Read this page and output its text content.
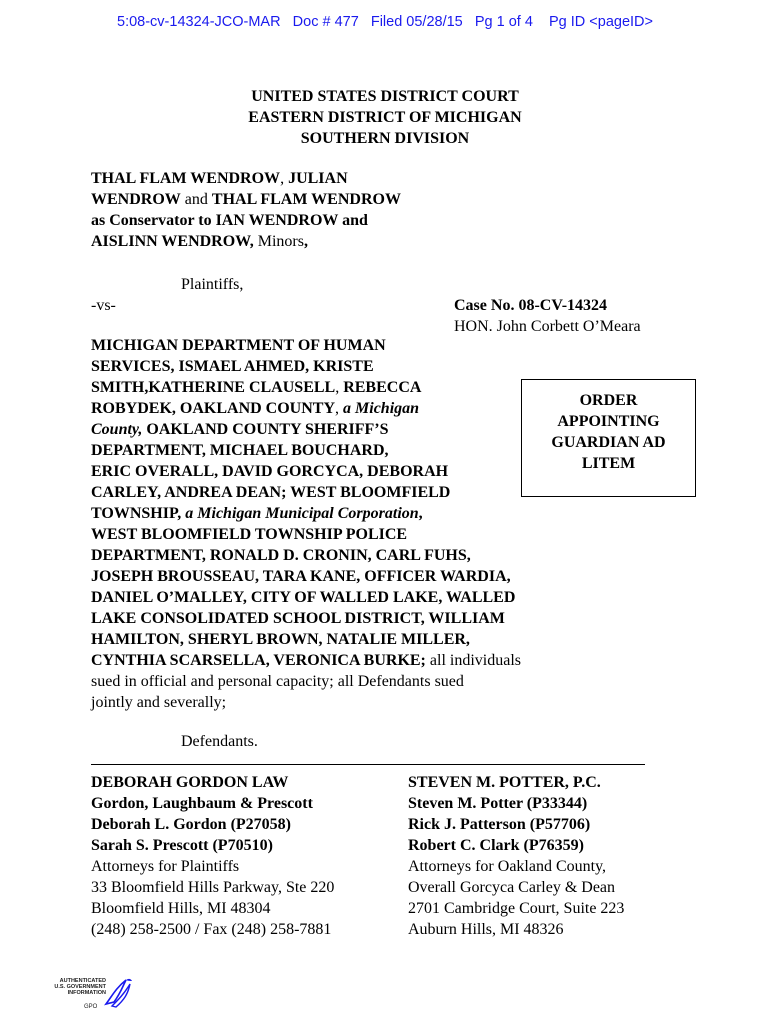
5:08-cv-14324-JCO-MAR   Doc # 477   Filed 05/28/15   Pg 1 of 4    Pg ID <pageID>
UNITED STATES DISTRICT COURT
EASTERN DISTRICT OF MICHIGAN
SOUTHERN DIVISION
THAL FLAM WENDROW, JULIAN
WENDROW and THAL FLAM WENDROW
as Conservator to IAN WENDROW and
AISLINN WENDROW, Minors,
Plaintiffs,
-vs-	Case No. 08-CV-14324
HON. John Corbett O’Meara
MICHIGAN DEPARTMENT OF HUMAN
SERVICES, ISMAEL AHMED, KRISTE
SMITH,KATHERINE CLAUSELL, REBECCA
ROBYDEK, OAKLAND COUNTY, a Michigan
County, OAKLAND COUNTY SHERIFF’S
DEPARTMENT, MICHAEL BOUCHARD,
ERIC OVERALL, DAVID GORCYCA, DEBORAH
CARLEY, ANDREA DEAN; WEST BLOOMFIELD
TOWNSHIP, a Michigan Municipal Corporation,
WEST BLOOMFIELD TOWNSHIP POLICE
DEPARTMENT, RONALD D. CRONIN, CARL FUHS,
JOSEPH BROUSSEAU, TARA KANE, OFFICER WARDIA,
DANIEL O’MALLEY, CITY OF WALLED LAKE, WALLED
LAKE CONSOLIDATED SCHOOL DISTRICT, WILLIAM
HAMILTON, SHERYL BROWN, NATALIE MILLER,
CYNTHIA SCARSELLA, VERONICA BURKE; all individuals
sued in official and personal capacity; all Defendants sued
jointly and severally;
ORDER
APPOINTING
GUARDIAN AD
LITEM
Defendants.
DEBORAH GORDON LAW
Gordon, Laughbaum & Prescott
Deborah L. Gordon (P27058)
Sarah S. Prescott (P70510)
Attorneys for Plaintiffs
33 Bloomfield Hills Parkway, Ste 220
Bloomfield Hills, MI 48304
(248) 258-2500 / Fax (248) 258-7881
STEVEN M. POTTER, P.C.
Steven M. Potter (P33344)
Rick J. Patterson (P57706)
Robert C. Clark (P76359)
Attorneys for Oakland County,
Overall Gorcyca Carley & Dean
2701 Cambridge Court, Suite 223
Auburn Hills, MI 48326
AUTHENTICATED
U.S. GOVERNMENT
INFORMATION
GPO
